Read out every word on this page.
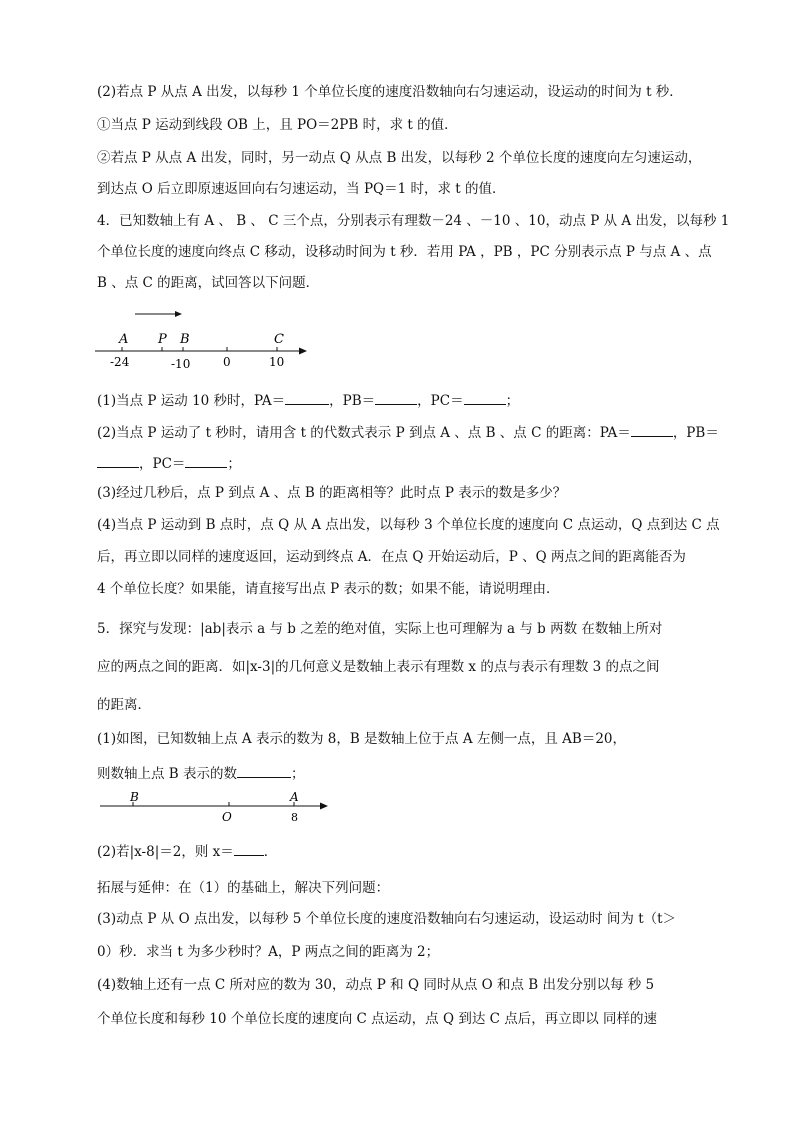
(2)若点 P 从点 A 出发，以每秒 1 个单位长度的速度沿数轴向右匀速运动，设运动的时间为 t 秒．
①当点 P 运动到线段 OB 上，且 PO＝2PB 时，求 t 的值．
②若点 P 从点 A 出发，同时，另一动点 Q 从点 B 出发，以每秒 2 个单位长度的速度向左匀速运动，
到达点 O 后立即原速返回向右匀速运动，当 PQ＝1 时，求 t 的值．
4．已知数轴上有 A 、 B 、 C 三个点，分别表示有理数－24 、－10 、10，动点 P 从 A 出发，以每秒 1
个单位长度的速度向终点 C 移动，设移动时间为 t 秒．若用 PA ，PB ，PC 分别表示点 P 与点 A 、点
B 、点 C 的距离，试回答以下问题．
A P B	C
-24	-10	0	10
(1)当点 P 运动 10 秒时，PA＝	，PB＝	，PC＝	；
(2)当点 P 运动了 t 秒时，请用含 t 的代数式表示 P 到点 A 、点 B 、点 C 的距离：PA＝	，PB＝
，PC＝	；
(3)经过几秒后，点 P 到点 A 、点 B 的距离相等？此时点 P 表示的数是多少？
(4)当点 P 运动到 B 点时，点 Q 从 A 点出发，以每秒 3 个单位长度的速度向 C 点运动，Q 点到达 C 点
后，再立即以同样的速度返回，运动到终点 A．在点 Q 开始运动后，P 、Q 两点之间的距离能否为
4 个单位长度？如果能，请直接写出点 P 表示的数；如果不能，请说明理由．
5．探究与发现：|ab|表示 a 与 b 之差的绝对值，实际上也可理解为 a 与 b 两数 在数轴上所对
应的两点之间的距离．如|x-3|的几何意义是数轴上表示有理数 x 的点与表示有理数 3 的点之间
的距离．
(1)如图，已知数轴上点 A 表示的数为 8，B 是数轴上位于点 A 左侧一点，且 AB＝20，
则数轴上点 B 表示的数	；
B
O
A
8
(2)若|x-8|＝2，则 x＝ ．
拓展与延伸：在（1）的基础上，解决下列问题：
(3)动点 P 从 O 点出发，以每秒 5 个单位长度的速度沿数轴向右匀速运动，设运动时 间为 t（t＞
0）秒．求当 t 为多少秒时？A，P 两点之间的距离为 2；
(4)数轴上还有一点 C 所对应的数为 30，动点 P 和 Q 同时从点 O 和点 B 出发分别以每 秒 5
个单位长度和每秒 10 个单位长度的速度向 C 点运动，点 Q 到达 C 点后，再立即以 同样的速
